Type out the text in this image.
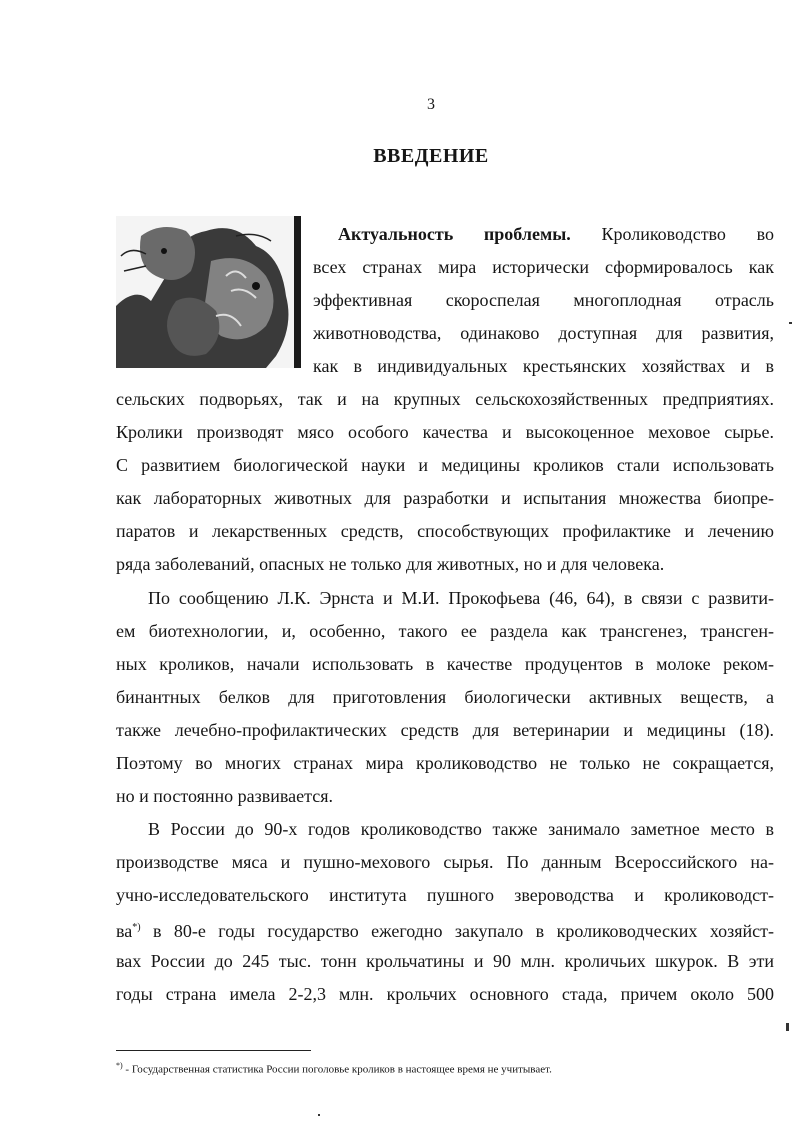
3
ВВЕДЕНИЕ
Актуальность проблемы. Кролиководство во
всех странах мира исторически сформировалось как
эффективная скороспелая многоплодная отрасль
животноводства, одинаково доступная для развития,
как в индивидуальных крестьянских хозяйствах и в
сельских подворьях, так и на крупных сельскохозяйственных предприятиях.
Кролики производят мясо особого качества и высокоценное меховое сырье.
С развитием биологической науки и медицины кроликов стали использовать
как лабораторных животных для разработки и испытания множества биопре-
паратов и лекарственных средств, способствующих профилактике и лечению
ряда заболеваний, опасных не только для животных, но и для человека.
По сообщению Л.К. Эрнста и М.И. Прокофьева (46, 64), в связи с развити-
ем биотехнологии, и, особенно, такого ее раздела как трансгенез, трансген-
ных кроликов, начали использовать в качестве продуцентов в молоке реком-
бинантных белков для приготовления биологически активных веществ, а
также лечебно-профилактических средств для ветеринарии и медицины (18).
Поэтому во многих странах мира кролиководство не только не сокращается,
но и постоянно развивается.
В России до 90-х годов кролиководство также занимало заметное место в
производстве мяса и пушно-мехового сырья. По данным Всероссийского на-
учно-исследовательского института пушного звероводства и кролиководст-
ва*) в 80-е годы государство ежегодно закупало в кролиководческих хозяйст-
вах России до 245 тыс. тонн крольчатины и 90 млн. кроличьих шкурок. В эти
годы страна имела 2-2,3 млн. крольчих основного стада, причем около 500
*) - Государственная статистика России поголовье кроликов в настоящее время не учитывает.
